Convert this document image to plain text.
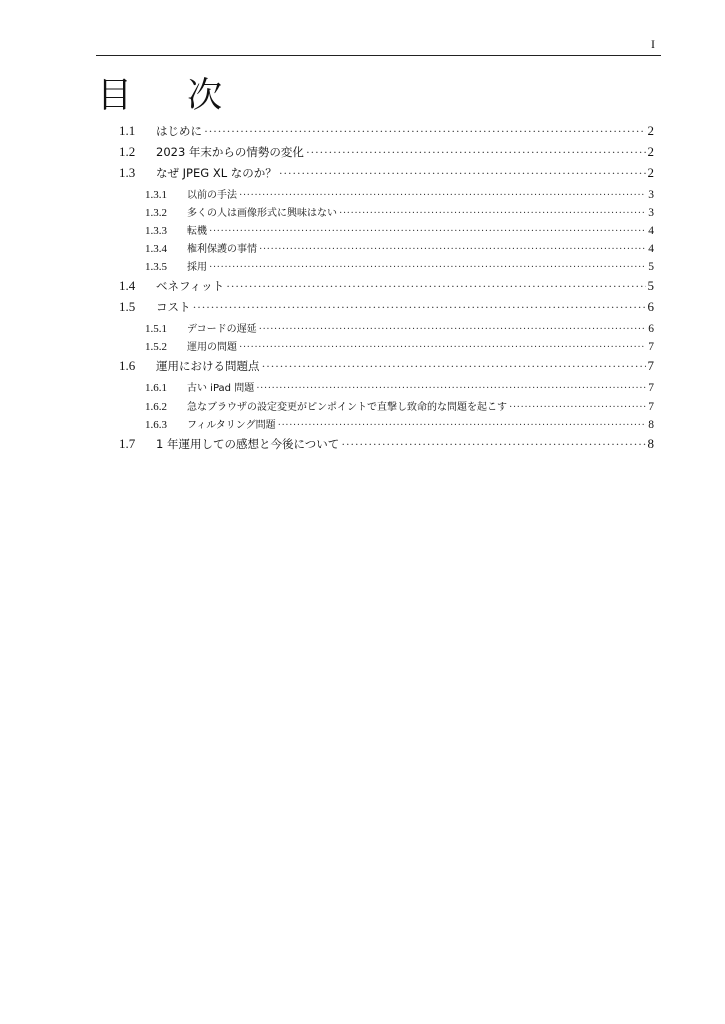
I
目 次
1.1	はじめに ·····	2
1.2	2023 年末からの情勢の変化 ·····	2
1.3	なぜ JPEG XL なのか？ ·····	2
1.3.1	以前の手法 ·····	3
1.3.2	多くの人は画像形式に興味はない ·····	3
1.3.3	転機 ·····	4
1.3.4	権利保護の事情 ·····	4
1.3.5	採用 ·····	5
1.4	ベネフィット ·····	5
1.5	コスト ·····	6
1.5.1	デコードの遅延 ·····	6
1.5.2	運用の問題 ·····	7
1.6	運用における問題点 ·····	7
1.6.1	古い iPad 問題 ·····	7
1.6.2	急なブラウザの設定変更がピンポイントで直撃し致命的な問題を起こす ·····	7
1.6.3	フィルタリング問題 ·····	8
1.7	1 年運用しての感想と今後について ·····	8
